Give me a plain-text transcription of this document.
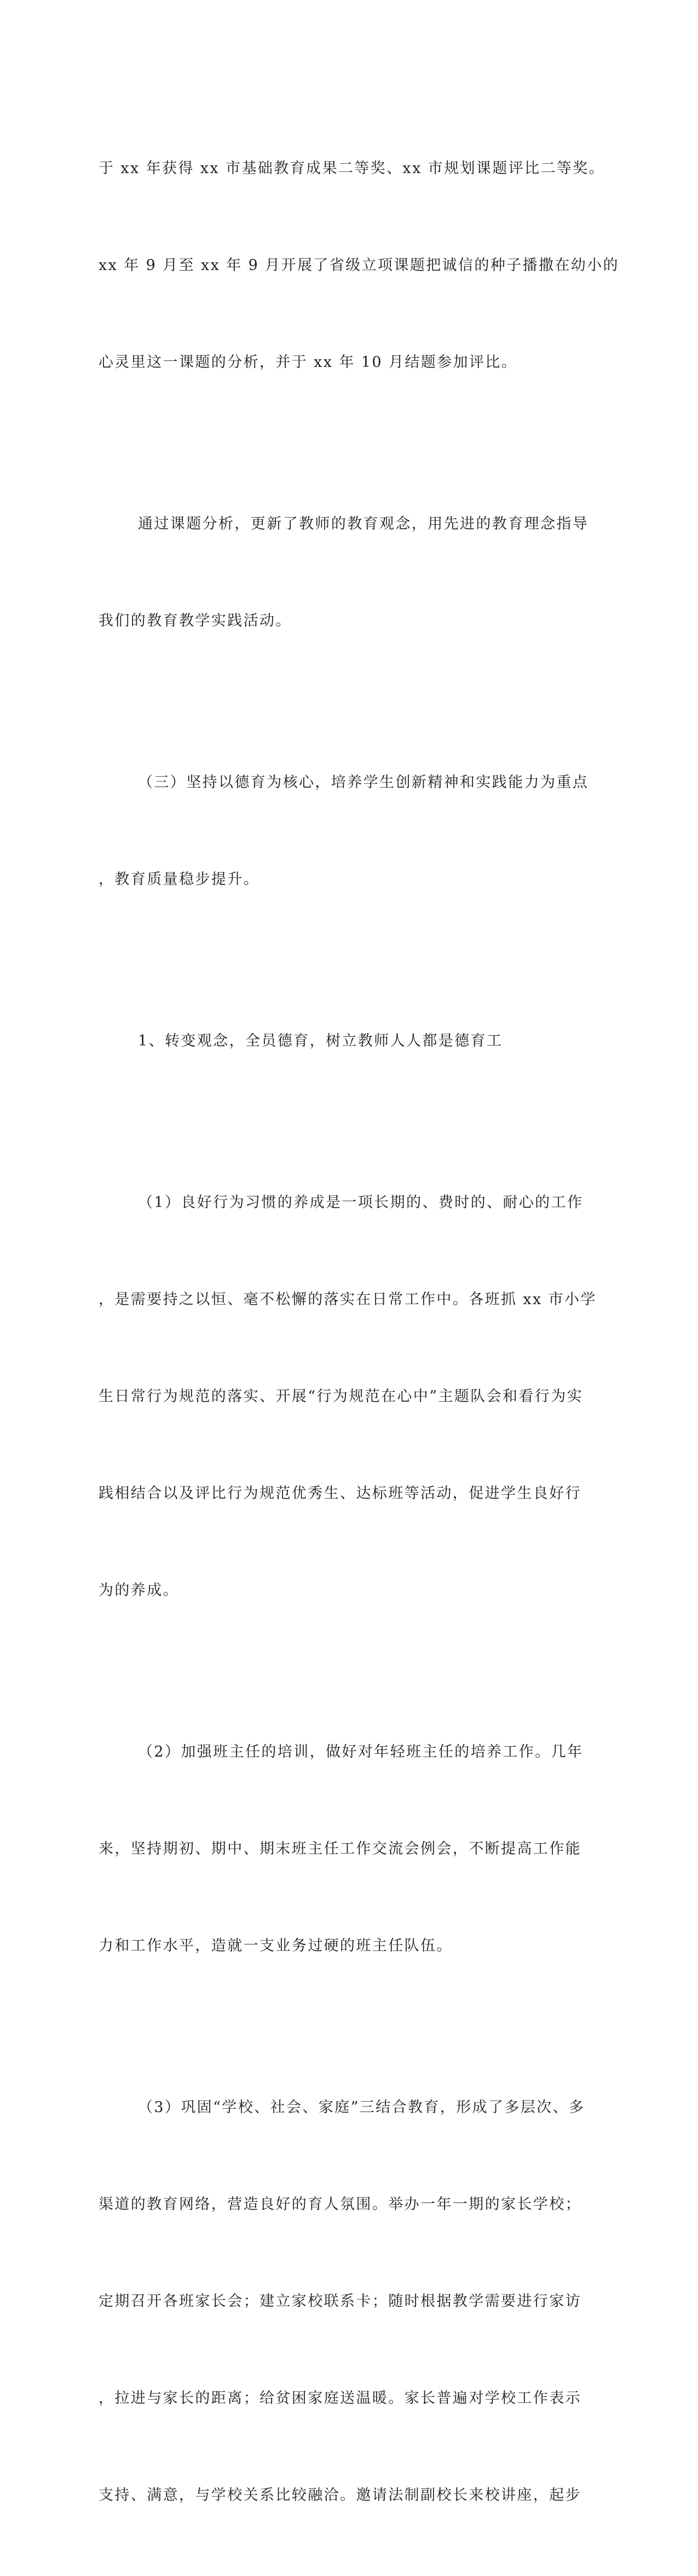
于 xx 年获得 xx 市基础教育成果二等奖、xx 市规划课题评比二等奖。

xx 年 9 月至 xx 年 9 月开展了省级立项课题把诚信的种子播撒在幼小的

心灵里这一课题的分析，并于 xx 年 10 月结题参加评比。

通过课题分析，更新了教师的教育观念，用先进的教育理念指导

我们的教育教学实践活动。

（三）坚持以德育为核心，培养学生创新精神和实践能力为重点

，教育质量稳步提升。

1、转变观念，全员德育，树立教师人人都是德育工

（1）良好行为习惯的养成是一项长期的、费时的、耐心的工作

，是需要持之以恒、毫不松懈的落实在日常工作中。各班抓 xx 市小学

生日常行为规范的落实、开展“行为规范在心中”主题队会和看行为实

践相结合以及评比行为规范优秀生、达标班等活动，促进学生良好行

为的养成。

（2）加强班主任的培训，做好对年轻班主任的培养工作。几年

来，坚持期初、期中、期末班主任工作交流会例会，不断提高工作能

力和工作水平，造就一支业务过硬的班主任队伍。

（3）巩固“学校、社会、家庭”三结合教育，形成了多层次、多

渠道的教育网络，营造良好的育人氛围。举办一年一期的家长学校；

定期召开各班家长会；建立家校联系卡；随时根据教学需要进行家访

，拉进与家长的距离；给贫困家庭送温暖。家长普遍对学校工作表示

支持、满意，与学校关系比较融洽。邀请法制副校长来校讲座，起步
